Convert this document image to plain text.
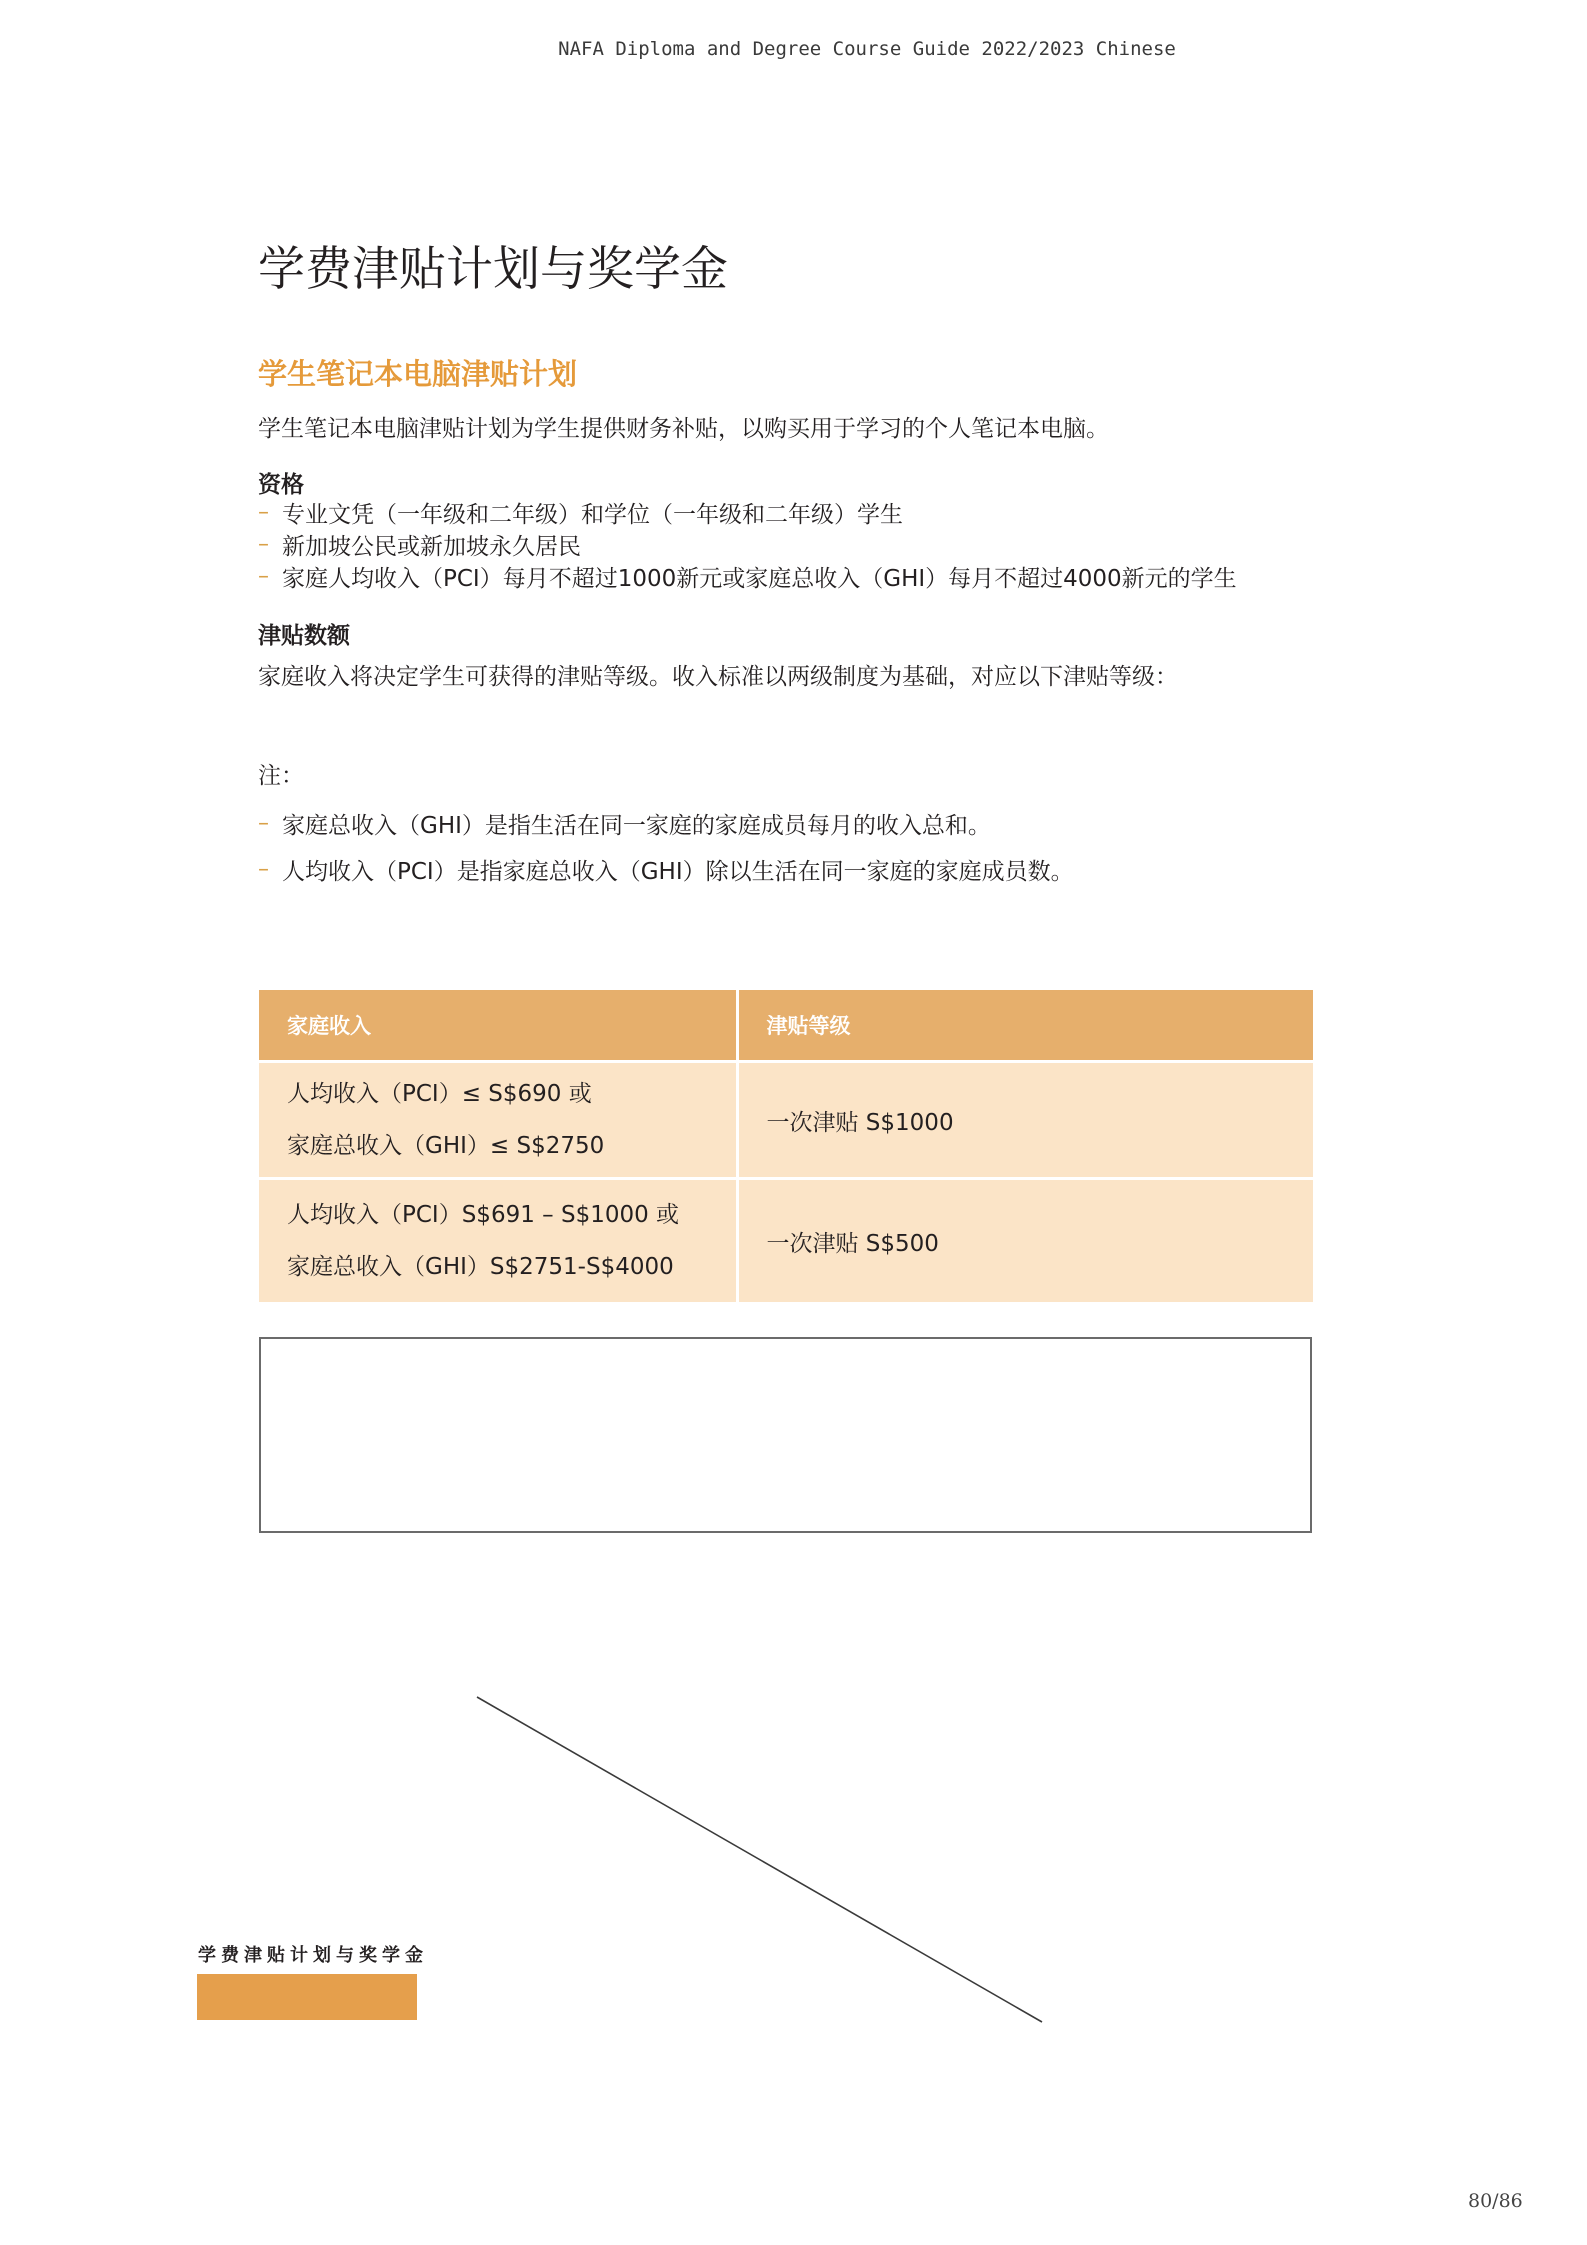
NAFA Diploma and Degree Course Guide 2022/2023 Chinese
学费津贴计划与奖学金
学生笔记本电脑津贴计划
学生笔记本电脑津贴计划为学生提供财务补贴，以购买用于学习的个人笔记本电脑。
资格
– 专业文凭（一年级和二年级）和学位（一年级和二年级）学生
– 新加坡公民或新加坡永久居民
– 家庭人均收入（PCI）每月不超过1000新元或家庭总收入（GHI）每月不超过4000新元的学生
津贴数额
家庭收入将决定学生可获得的津贴等级。收入标准以两级制度为基础，对应以下津贴等级：
注：
– 家庭总收入（GHI）是指生活在同一家庭的家庭成员每月的收入总和。
– 人均收入（PCI）是指家庭总收入（GHI）除以生活在同一家庭的家庭成员数。
家庭收入	津贴等级

人均收入（PCI）≤ S$690 或
家庭总收入（GHI）≤ S$2750	一次津贴 S$1000

人均收入（PCI）S$691 – S$1000 或
家庭总收入（GHI）S$2751-S$4000	一次津贴 S$500
学费津贴计划与奖学金
80/86
